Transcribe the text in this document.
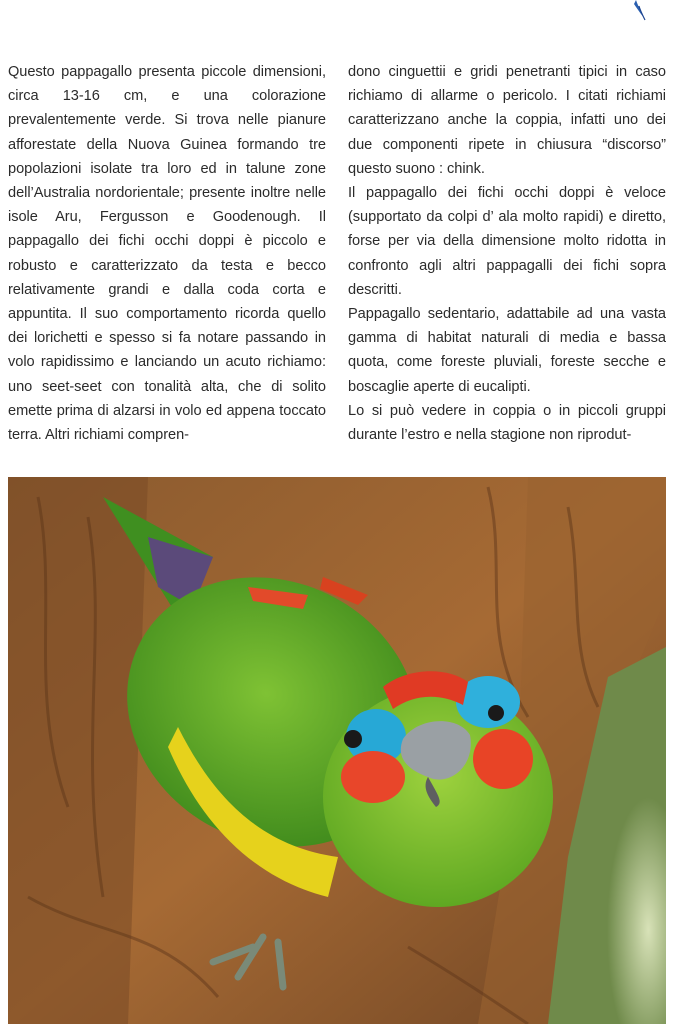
Questo pappagallo presenta piccole dimensioni, circa 13-16 cm, e una colorazione prevalentemente verde. Si trova nelle pianure afforestate della Nuova Guinea formando tre popolazioni isolate tra loro ed in talune zone dell’Australia nordorientale; presente inoltre nelle isole Aru, Fergusson e Goodenough. Il pappagallo dei fichi occhi doppi è piccolo e robusto e caratterizzato da testa e becco relativamente grandi e dalla coda corta e appuntita. Il suo comportamento ricorda quello dei lorichetti e spesso si fa notare passando in volo rapidissimo e lanciando un acuto richiamo: uno seet-seet con tonalità alta, che di solito emette prima di alzarsi in volo ed appena toccato terra. Altri richiami compren-

dono cinguettii e gridi penetranti tipici in caso richiamo di allarme o pericolo. I citati richiami caratterizzano anche la coppia, infatti uno dei due componenti ripete in chiusura “discorso” questo suono : chink.

Il pappagallo dei fichi occhi doppi è veloce (supportato da colpi d’ ala molto rapidi) e diretto, forse per via della dimensione molto ridotta in confronto agli altri pappagalli dei fichi sopra descritti.

Pappagallo sedentario, adattabile ad una vasta gamma di habitat naturali di media e bassa quota, come foreste pluviali, foreste secche e boscaglie aperte di eucalipti.

Lo si può vedere in coppia o in piccoli gruppi durante l’estro e nella stagione non riprodut-
